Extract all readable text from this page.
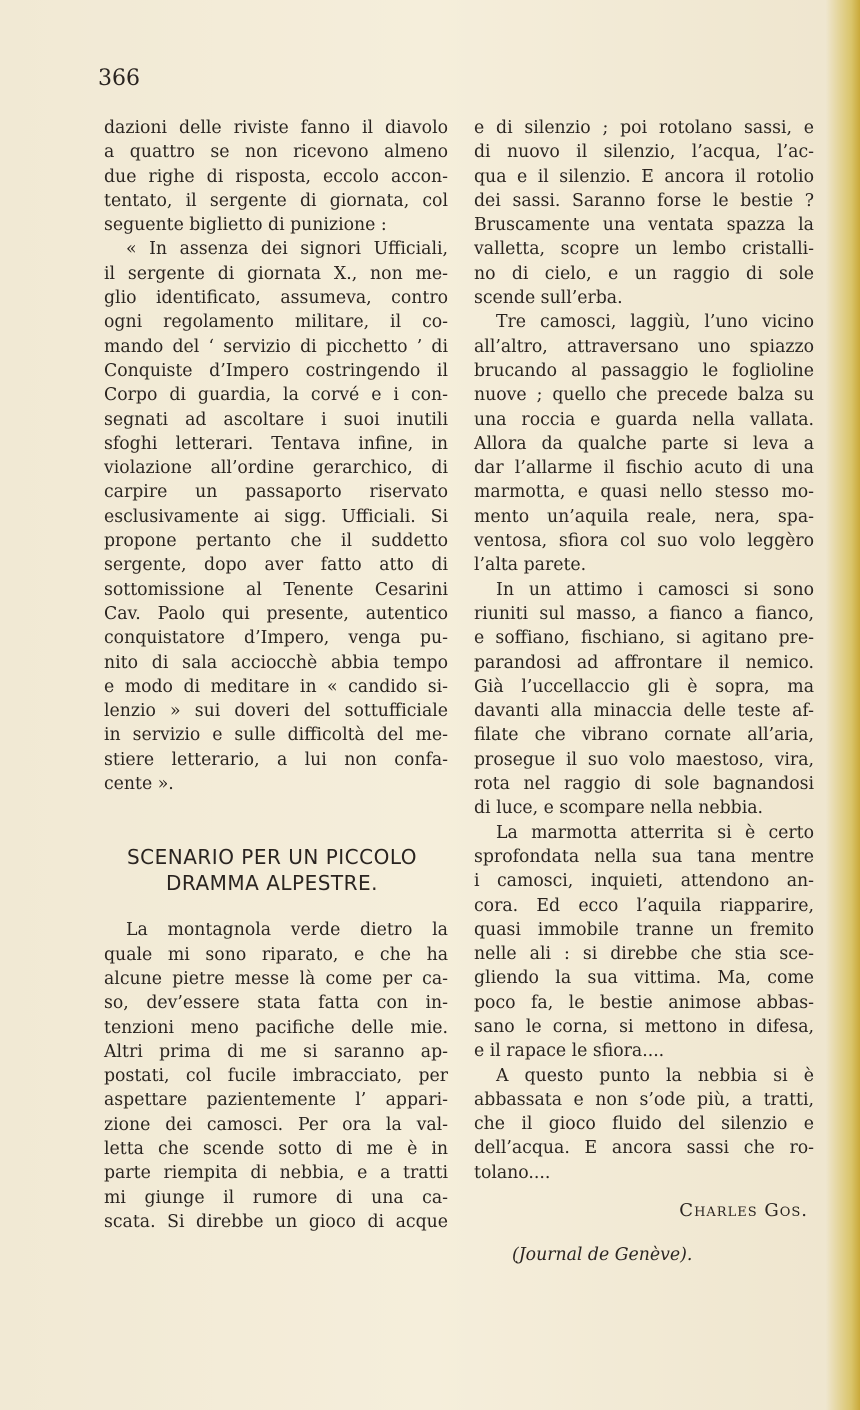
366
dazioni delle riviste fanno il diavolo
a quattro se non ricevono almeno
due righe di risposta, eccolo accon-
tentato, il sergente di giornata, col
seguente biglietto di punizione :
« In assenza dei signori Ufficiali,
il sergente di giornata X., non me-
glio identificato, assumeva, contro
ogni regolamento militare, il co-
mando del ‘ servizio di picchetto ’ di
Conquiste d’Impero costringendo il
Corpo di guardia, la corvé e i con-
segnati ad ascoltare i suoi inutili
sfoghi letterari. Tentava infine, in
violazione all’ordine gerarchico, di
carpire un passaporto riservato
esclusivamente ai sigg. Ufficiali. Si
propone pertanto che il suddetto
sergente, dopo aver fatto atto di
sottomissione al Tenente Cesarini
Cav. Paolo qui presente, autentico
conquistatore d’Impero, venga pu-
nito di sala acciocchè abbia tempo
e modo di meditare in « candido si-
lenzio » sui doveri del sottufficiale
in servizio e sulle difficoltà del me-
stiere letterario, a lui non confa-
cente ».
SCENARIO PER UN PICCOLO
DRAMMA ALPESTRE.
La montagnola verde dietro la
quale mi sono riparato, e che ha
alcune pietre messe là come per ca-
so, dev’essere stata fatta con in-
tenzioni meno pacifiche delle mie.
Altri prima di me si saranno ap-
postati, col fucile imbracciato, per
aspettare pazientemente l’ appari-
zione dei camosci. Per ora la val-
letta che scende sotto di me è in
parte riempita di nebbia, e a tratti
mi giunge il rumore di una ca-
scata. Si direbbe un gioco di acque
e di silenzio ; poi rotolano sassi, e
di nuovo il silenzio, l’acqua, l’ac-
qua e il silenzio. E ancora il rotolio
dei sassi. Saranno forse le bestie ?
Bruscamente una ventata spazza la
valletta, scopre un lembo cristalli-
no di cielo, e un raggio di sole
scende sull’erba.
Tre camosci, laggiù, l’uno vicino
all’altro, attraversano uno spiazzo
brucando al passaggio le foglioline
nuove ; quello che precede balza su
una roccia e guarda nella vallata.
Allora da qualche parte si leva a
dar l’allarme il fischio acuto di una
marmotta, e quasi nello stesso mo-
mento un’aquila reale, nera, spa-
ventosa, sfiora col suo volo leggèro
l’alta parete.
In un attimo i camosci si sono
riuniti sul masso, a fianco a fianco,
e soffiano, fischiano, si agitano pre-
parandosi ad affrontare il nemico.
Già l’uccellaccio gli è sopra, ma
davanti alla minaccia delle teste af-
filate che vibrano cornate all’aria,
prosegue il suo volo maestoso, vira,
rota nel raggio di sole bagnandosi
di luce, e scompare nella nebbia.
La marmotta atterrita si è certo
sprofondata nella sua tana mentre
i camosci, inquieti, attendono an-
cora. Ed ecco l’aquila riapparire,
quasi immobile tranne un fremito
nelle ali : si direbbe che stia sce-
gliendo la sua vittima. Ma, come
poco fa, le bestie animose abbas-
sano le corna, si mettono in difesa,
e il rapace le sfiora....
A questo punto la nebbia si è
abbassata e non s’ode più, a tratti,
che il gioco fluido del silenzio e
dell’acqua. E ancora sassi che ro-
tolano....
Charles Gos.
(Journal de Genève).
